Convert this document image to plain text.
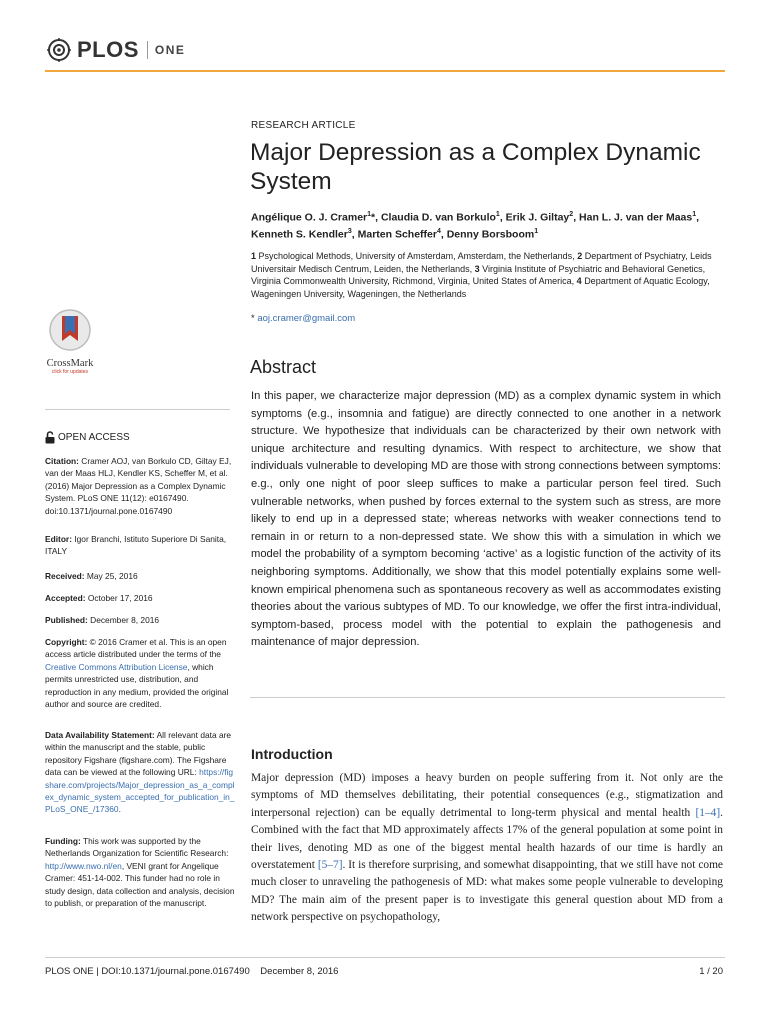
PLOS ONE
RESEARCH ARTICLE
Major Depression as a Complex Dynamic System
Angélique O. J. Cramer$^1$*, Claudia D. van Borkulo$^1$, Erik J. Giltay$^2$, Han L. J. van der Maas$^1$, Kenneth S. Kendler$^3$, Marten Scheffer$^4$, Denny Borsboom$^1$
1 Psychological Methods, University of Amsterdam, Amsterdam, the Netherlands, 2 Department of Psychiatry, Leids Universitair Medisch Centrum, Leiden, the Netherlands, 3 Virginia Institute of Psychiatric and Behavioral Genetics, Virginia Commonwealth University, Richmond, Virginia, United States of America, 4 Department of Aquatic Ecology, Wageningen University, Wageningen, the Netherlands
* aoj.cramer@gmail.com
Abstract
In this paper, we characterize major depression (MD) as a complex dynamic system in which symptoms (e.g., insomnia and fatigue) are directly connected to one another in a network structure. We hypothesize that individuals can be characterized by their own network with unique architecture and resulting dynamics. With respect to architecture, we show that individuals vulnerable to developing MD are those with strong connections between symptoms: e.g., only one night of poor sleep suffices to make a particular person feel tired. Such vulnerable networks, when pushed by forces external to the system such as stress, are more likely to end up in a depressed state; whereas networks with weaker connections tend to remain in or return to a non-depressed state. We show this with a simulation in which we model the probability of a symptom becoming ‘active’ as a logistic function of the activity of its neighboring symptoms. Additionally, we show that this model potentially explains some well-known empirical phenomena such as spontaneous recovery as well as accommodates existing theories about the various subtypes of MD. To our knowledge, we offer the first intra-individual, symptom-based, process model with the potential to explain the pathogenesis and maintenance of major depression.
Introduction
Major depression (MD) imposes a heavy burden on people suffering from it. Not only are the symptoms of MD themselves debilitating, their potential consequences (e.g., stigmatization and interpersonal rejection) can be equally detrimental to long-term physical and mental health [1–4]. Combined with the fact that MD approximately affects 17% of the general population at some point in their lives, denoting MD as one of the biggest mental health hazards of our time is hardly an overstatement [5–7]. It is therefore surprising, and somewhat disappointing, that we still have not come much closer to unraveling the pathogenesis of MD: what makes some people vulnerable to developing MD? The main aim of the present paper is to investigate this general question about MD from a network perspective on psychopathology,
CrossMark
click for updates
OPEN ACCESS
Citation: Cramer AOJ, van Borkulo CD, Giltay EJ, van der Maas HLJ, Kendler KS, Scheffer M, et al. (2016) Major Depression as a Complex Dynamic System. PLoS ONE 11(12): e0167490. doi:10.1371/journal.pone.0167490
Editor: Igor Branchi, Istituto Superiore Di Sanita, ITALY
Received: May 25, 2016
Accepted: October 17, 2016
Published: December 8, 2016
Copyright: © 2016 Cramer et al. This is an open access article distributed under the terms of the Creative Commons Attribution License, which permits unrestricted use, distribution, and reproduction in any medium, provided the original author and source are credited.
Data Availability Statement: All relevant data are within the manuscript and the stable, public repository Figshare (figshare.com). The Figshare data can be viewed at the following URL: https://figshare.com/projects/Major_depression_as_a_complex_dynamic_system_accepted_for_publication_in_PLoS_ONE_/17360.
Funding: This work was supported by the Netherlands Organization for Scientific Research: http://www.nwo.nl/en, VENI grant for Angelique Cramer: 451-14-002. This funder had no role in study design, data collection and analysis, decision to publish, or preparation of the manuscript.
PLOS ONE | DOI:10.1371/journal.pone.0167490    December 8, 2016	1 / 20
